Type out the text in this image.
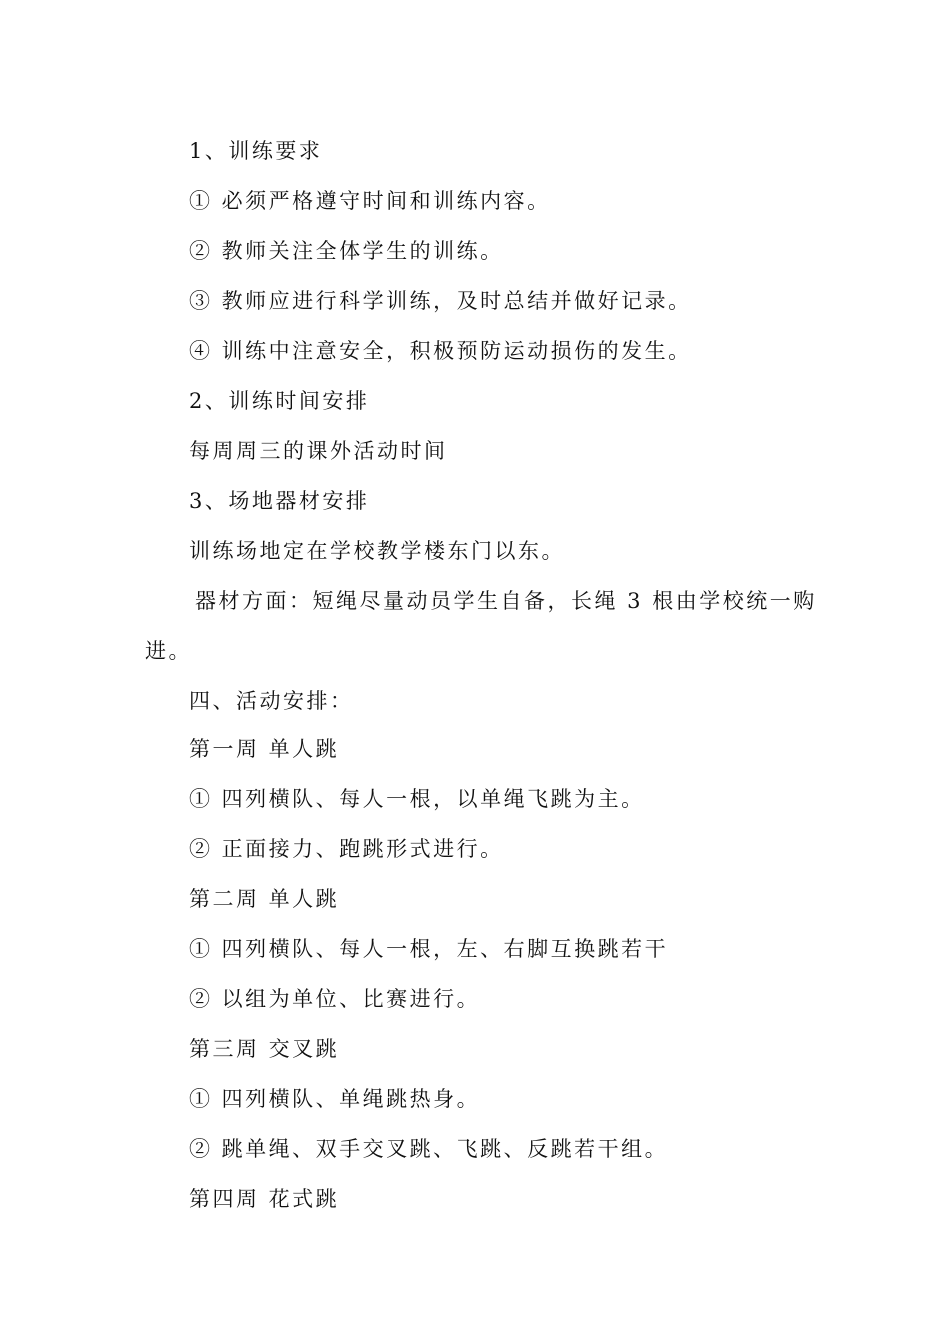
1、训练要求
① 必须严格遵守时间和训练内容。
② 教师关注全体学生的训练。
③ 教师应进行科学训练，及时总结并做好记录。
④ 训练中注意安全，积极预防运动损伤的发生。
2、训练时间安排
每周周三的课外活动时间
3、场地器材安排
训练场地定在学校教学楼东门以东。
器材方面：短绳尽量动员学生自备，长绳 3 根由学校统一购
进。
四、活动安排：
第一周 单人跳
① 四列横队、每人一根，以单绳飞跳为主。
② 正面接力、跑跳形式进行。
第二周 单人跳
① 四列横队、每人一根，左、右脚互换跳若干
② 以组为单位、比赛进行。
第三周 交叉跳
① 四列横队、单绳跳热身。
② 跳单绳、双手交叉跳、飞跳、反跳若干组。
第四周 花式跳
